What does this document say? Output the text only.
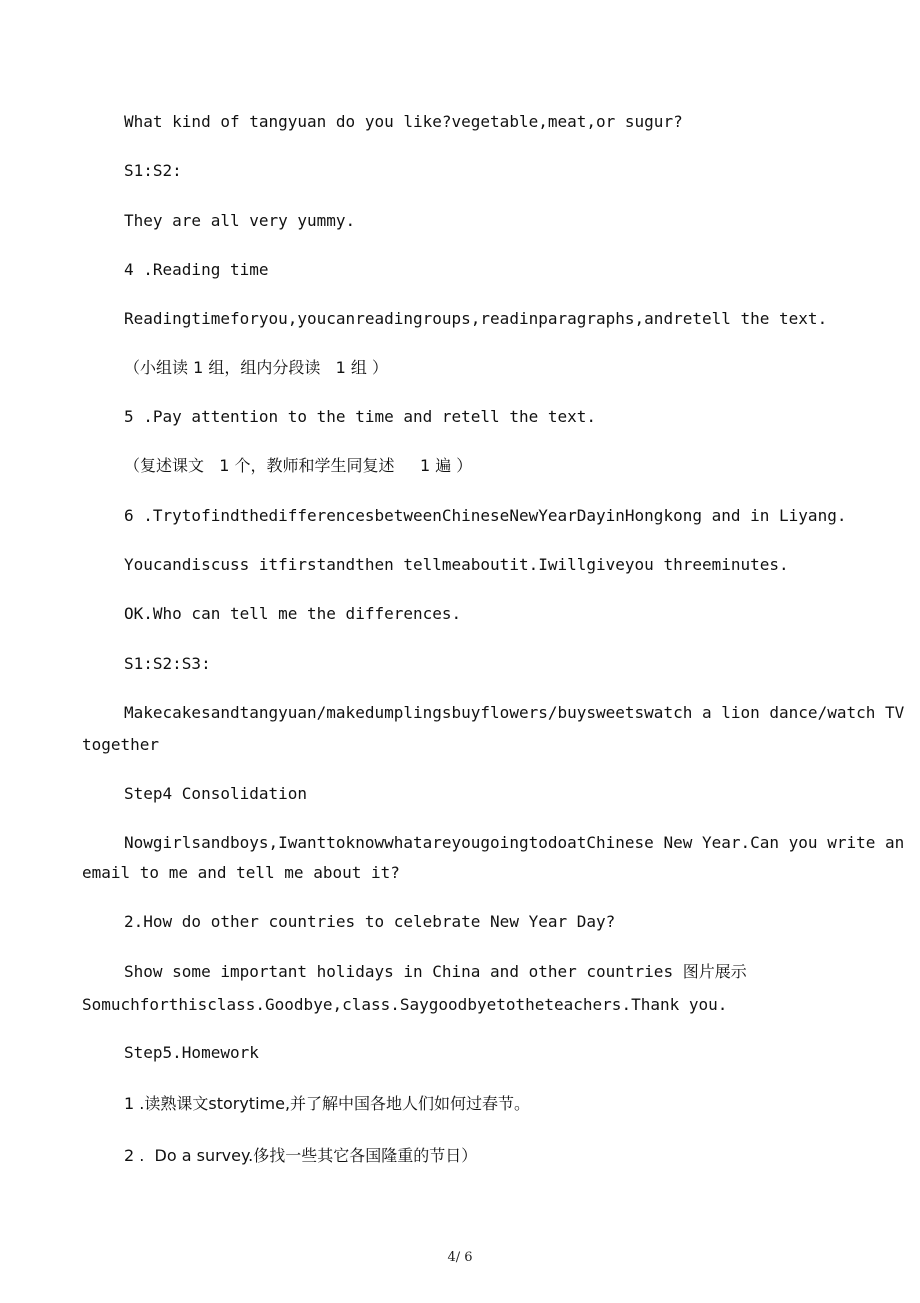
What kind of tangyuan do you like?vegetable,meat,or sugur?
S1:S2:
They are all very yummy.
4 .Reading time
Readingtimeforyou,youcanreadingroups,readinparagraphs,andretell the text.
（小组读 1 组，组内分段读   1 组 ）
5 .Pay attention to the time and retell the text.
（复述课文   1 个，教师和学生同复述     1 遍 ）
6 .TrytofindthedifferencesbetweenChineseNewYearDayinHongkong and in Liyang.
Youcandiscuss itfirstandthen tellmeaboutit.Iwillgiveyou threeminutes.
OK.Who can tell me the differences.
S1:S2:S3:
Makecakesandtangyuan/makedumplingsbuyflowers/buysweetswatch a lion dance/watch TV
together
Step4 Consolidation
Nowgirlsandboys,IwanttoknowwhatareyougoingtodoatChinese New Year.Can you write an
email to me and tell me about it?
2.How do other countries to celebrate New Year Day?
Show some important holidays in China and other countries 图片展示
Somuchforthisclass.Goodbye,class.Saygoodbyetotheteachers.Thank you.
Step5.Homework
1 .读熟课文storytime,并了解中国各地人们如何过春节。
2 .  Do a survey.侈找一些其它各国隆重的节日）
4/ 6
